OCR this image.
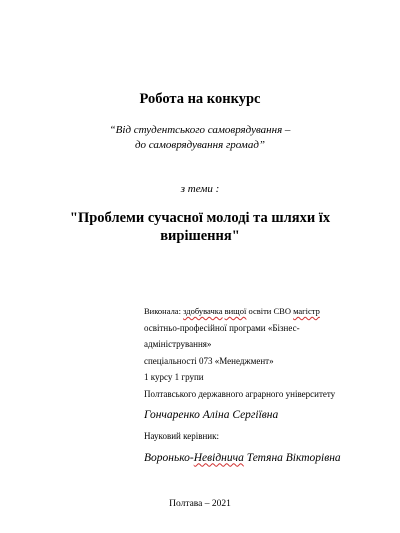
Робота на конкурс
“Від студентського самоврядування –
до самоврядування громад”
з теми :
"Проблеми сучасної молоді та шляхи їх
вирішення"
Виконала: здобувачка вищої освіти СВО магістр
освітньо-професійної програми «Бізнес-
адміністрування»
спеціальності 073 «Менеджмент»
1 курсу 1 групи
Полтавського державного аграрного університету
Гончаренко Аліна Сергіївна
Науковий керівник:
Воронько-Невіднича Тетяна Вікторівна
Полтава – 2021
